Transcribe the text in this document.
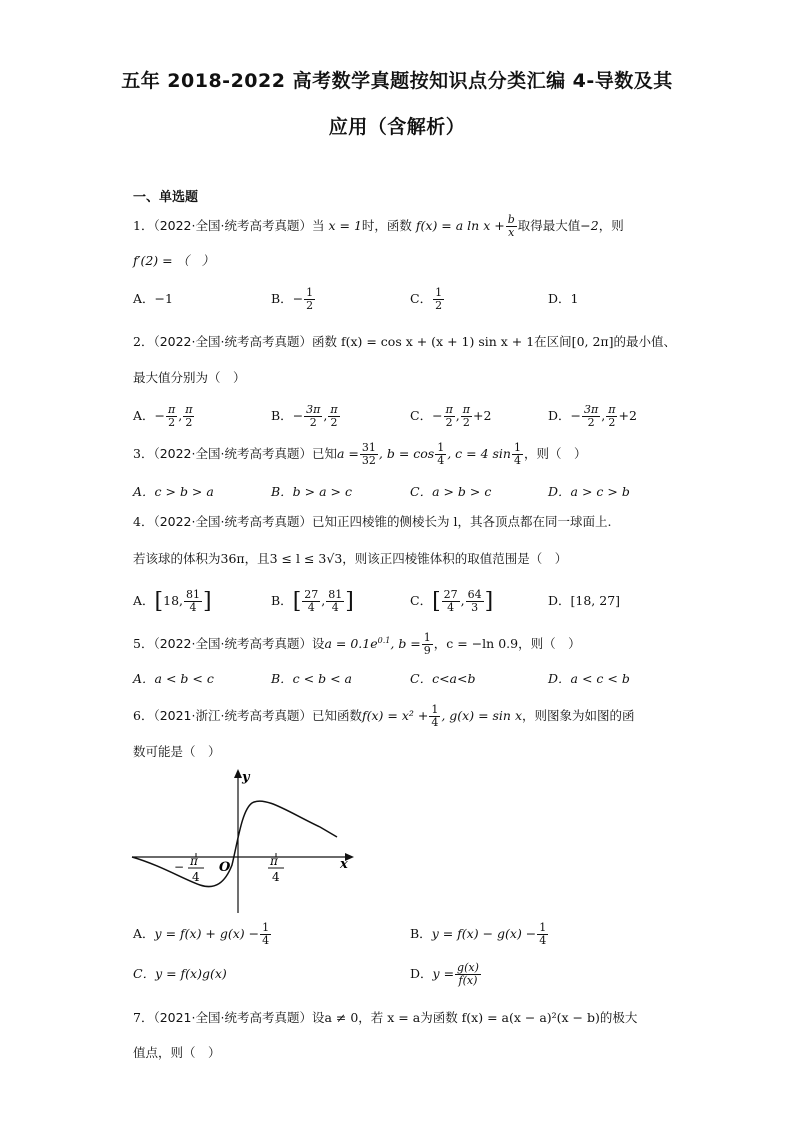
五年 2018-2022 高考数学真题按知识点分类汇编 4-导数及其
应用（含解析）
一、单选题
1．（2022·全国·统考高考真题）当 x = 1时，函数 f(x) = a $\ln x + \frac{b}{x}$ 取得最大值−2，则
f′(2) = （　）
A．−1	B．− $\frac{1}{2}$	C． $\frac{1}{2}$	D．1
2．（2022·全国·统考高考真题）函数 f(x) = cos x + (x + 1) sin x + 1在区间[0, 2π]的最小值、
最大值分别为（　）
A．− $\frac{\pi}{2}$ , $\frac{\pi}{2}$	B．− $\frac{3\pi}{2}$ , $\frac{\pi}{2}$	C．− $\frac{\pi}{2}$ , $\frac{\pi}{2} +2$	D．− $\frac{3\pi}{2}$ , $\frac{\pi}{2} +2$
3．（2022·全国·统考高考真题）已知$a = \frac{31}{32}$ , $b = \cos \frac{1}{4}$ , c = 4 $\sin \frac{1}{4}$ ，则（　）
A．c > b > a	B．b > a > c	C．a > b > c	D．a > c > b
4．（2022·全国·统考高考真题）已知正四棱锥的侧棱长为 l，其各顶点都在同一球面上.
若该球的体积为36π，且3 ≤ l ≤ 3√3，则该正四棱锥体积的取值范围是（　）
A．[18, $\frac{81}{4}$ ]	B．[ $\frac{27}{4}$ , $\frac{81}{4}$ ]	C．[ $\frac{27}{4}$ , $\frac{64}{3}$ ]	D．[18, 27]
5．（2022·全国·统考高考真题）设$a = 0.1e^{0.1}$, $b = \frac{1}{9}$ ，c = −ln 0.9，则（　）
A．a < b < c	B．c < b < a	C．c<a<b	D．a < c < b
6．（2021·浙江·统考高考真题）已知函数$f(x) = x^2 + \frac{1}{4}$ , g(x) = sin x，则图象为如图的函
数可能是（　）
y
x
O
− π
4
π
4
A．$y = f(x) + g(x) - \frac{1}{4}$	B．$y = f(x) - g(x) - \frac{1}{4}$
C．y = f(x)g(x)	D．$y = \frac{g(x)}{f(x)}$
7．（2021·全国·统考高考真题）设a ≠ 0，若 x = a为函数 f(x) = a(x − a)²(x − b)的极大
值点，则（　）
